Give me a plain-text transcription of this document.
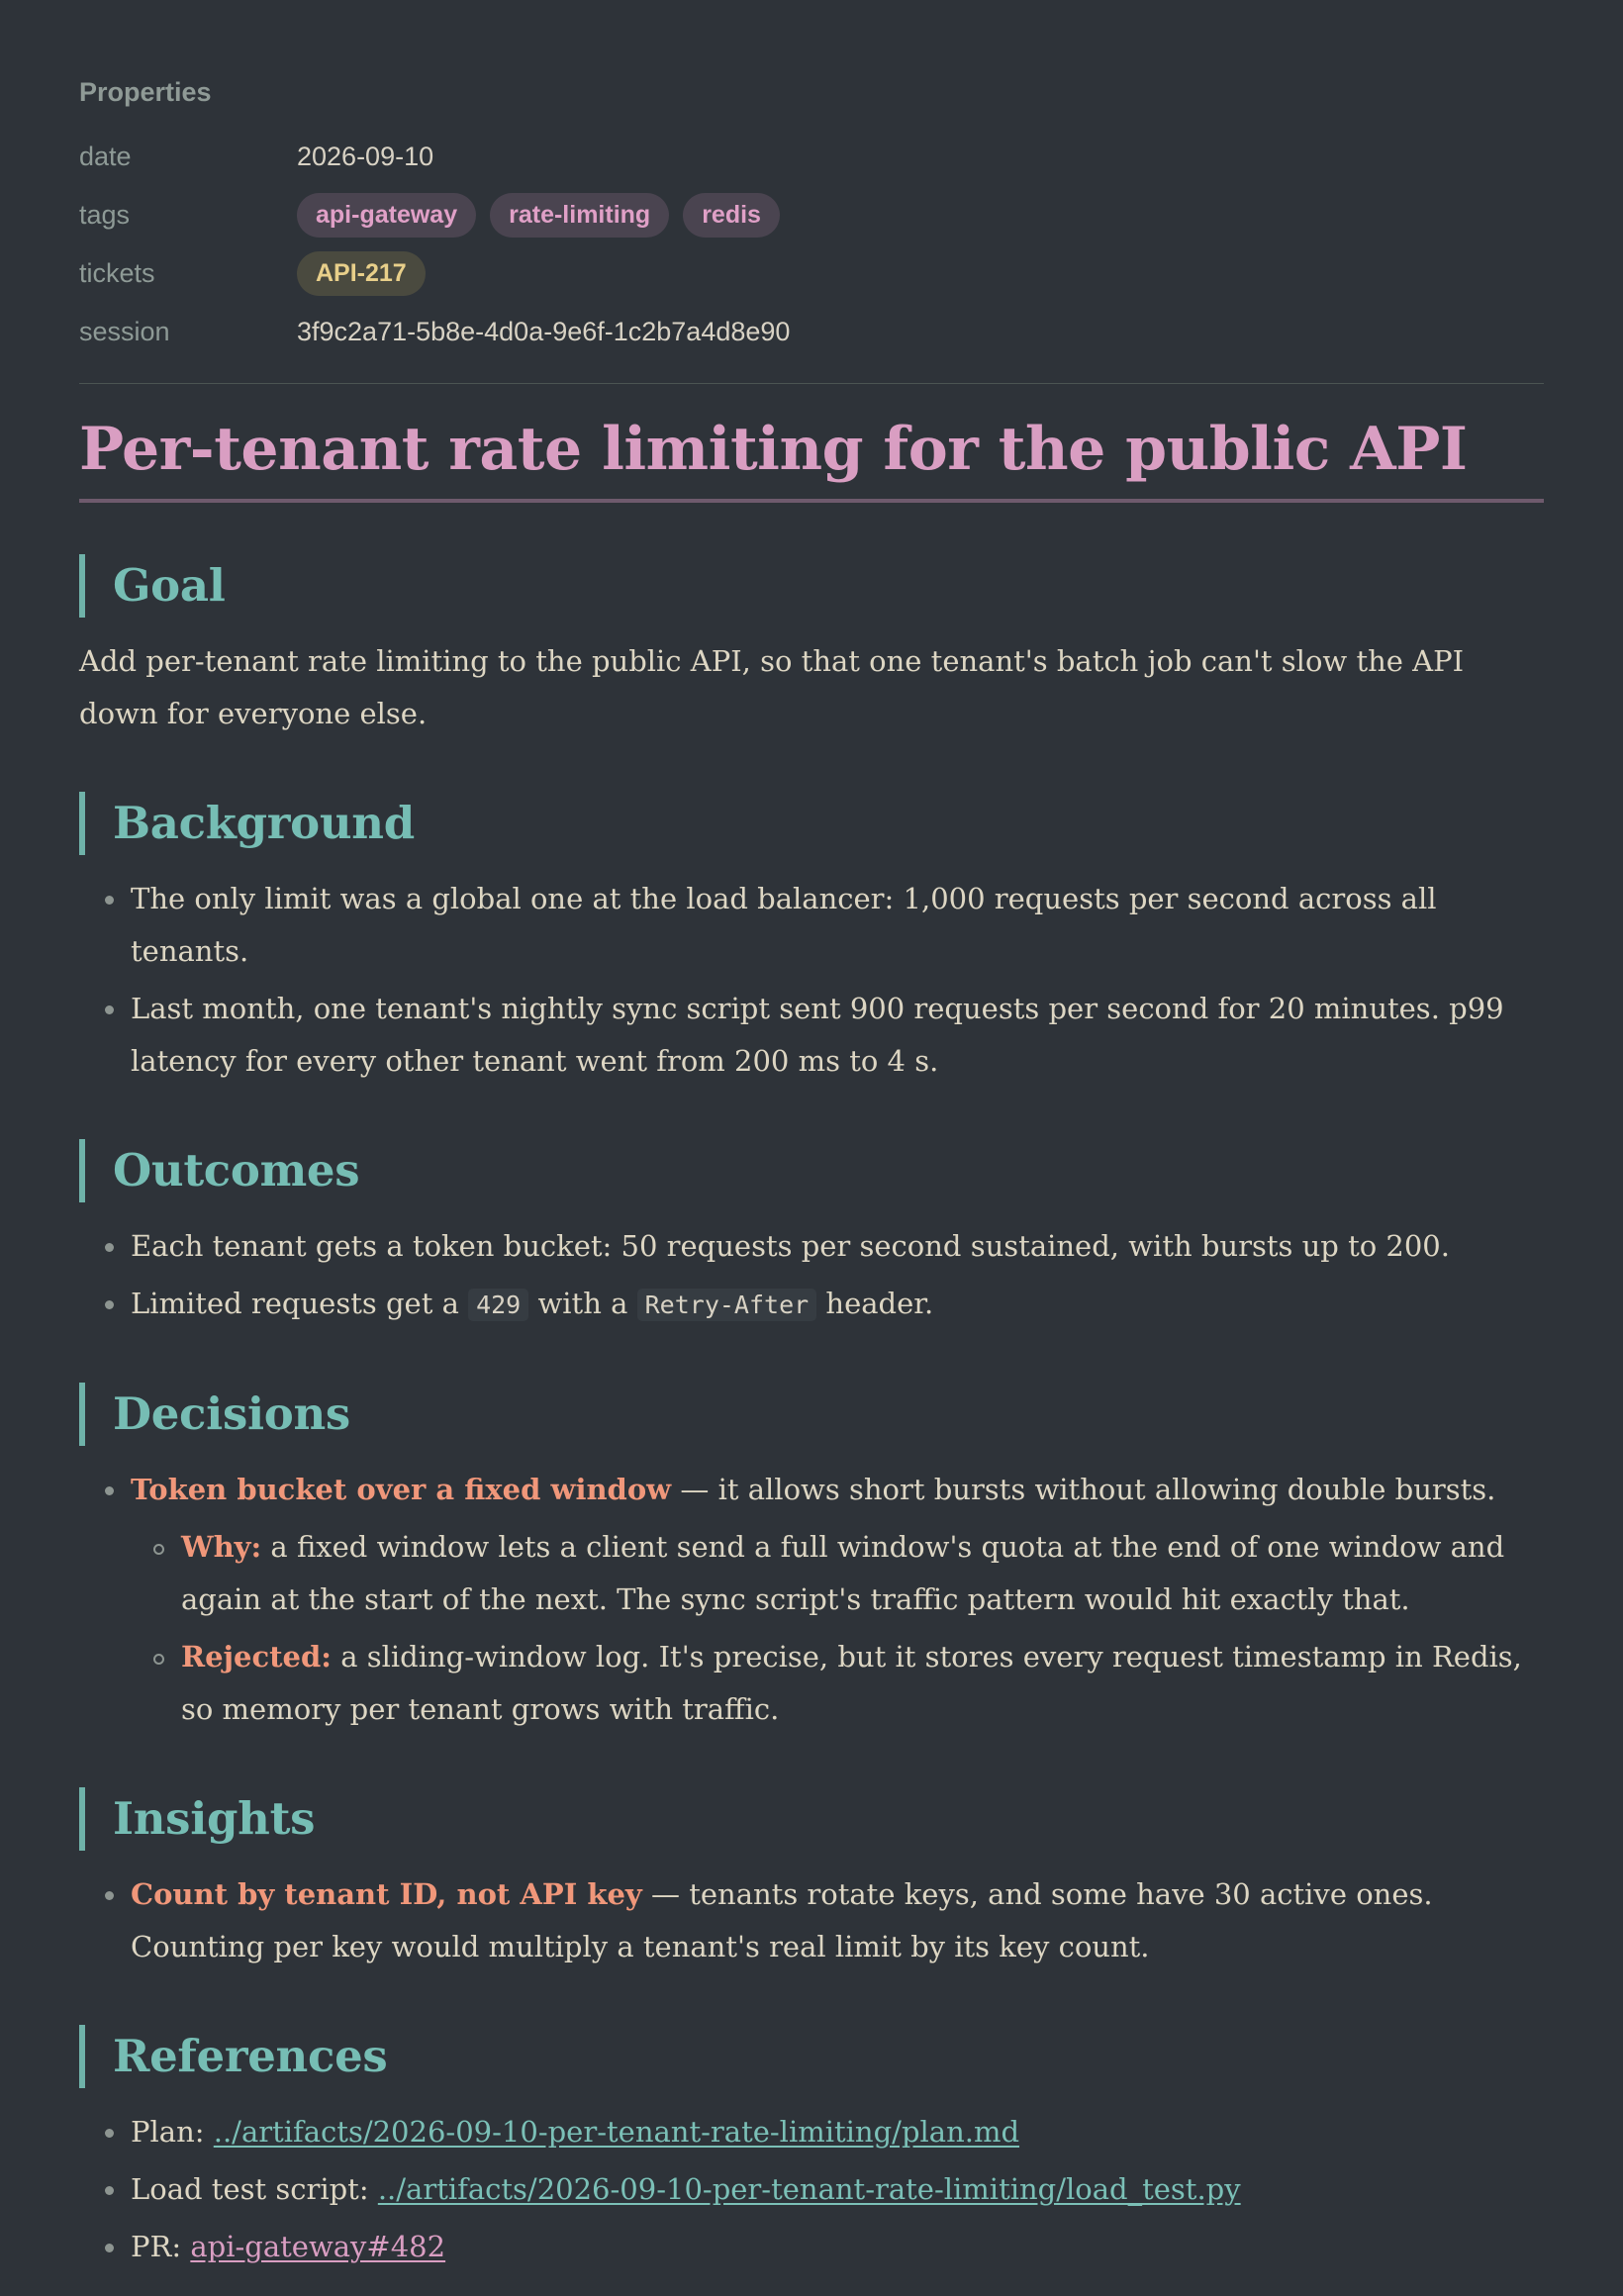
Properties
date	2026-09-10
tags	api-gateway	rate-limiting	redis
tickets	API-217
session	3f9c2a71-5b8e-4d0a-9e6f-1c2b7a4d8e90
Per-tenant rate limiting for the public API
Goal

Add per-tenant rate limiting to the public API, so that one tenant's batch job can't slow the API down for everyone else.

Background
The only limit was a global one at the load balancer: 1,000 requests per second across all tenants.
Last month, one tenant's nightly sync script sent 900 requests per second for 20 minutes. p99 latency for every other tenant went from 200 ms to 4 s.
Outcomes
Each tenant gets a token bucket: 50 requests per second sustained, with bursts up to 200.
Limited requests get a 429 with a Retry-After header.
Decisions
Token bucket over a fixed window — it allows short bursts without allowing double bursts.
Why: a fixed window lets a client send a full window's quota at the end of one window and again at the start of the next. The sync script's traffic pattern would hit exactly that.
Rejected: a sliding-window log. It's precise, but it stores every request timestamp in Redis, so memory per tenant grows with traffic.
Insights
Count by tenant ID, not API key — tenants rotate keys, and some have 30 active ones. Counting per key would multiply a tenant's real limit by its key count.
References
Plan: ../artifacts/2026-09-10-per-tenant-rate-limiting/plan.md
Load test script: ../artifacts/2026-09-10-per-tenant-rate-limiting/load_test.py
PR: api-gateway#482
